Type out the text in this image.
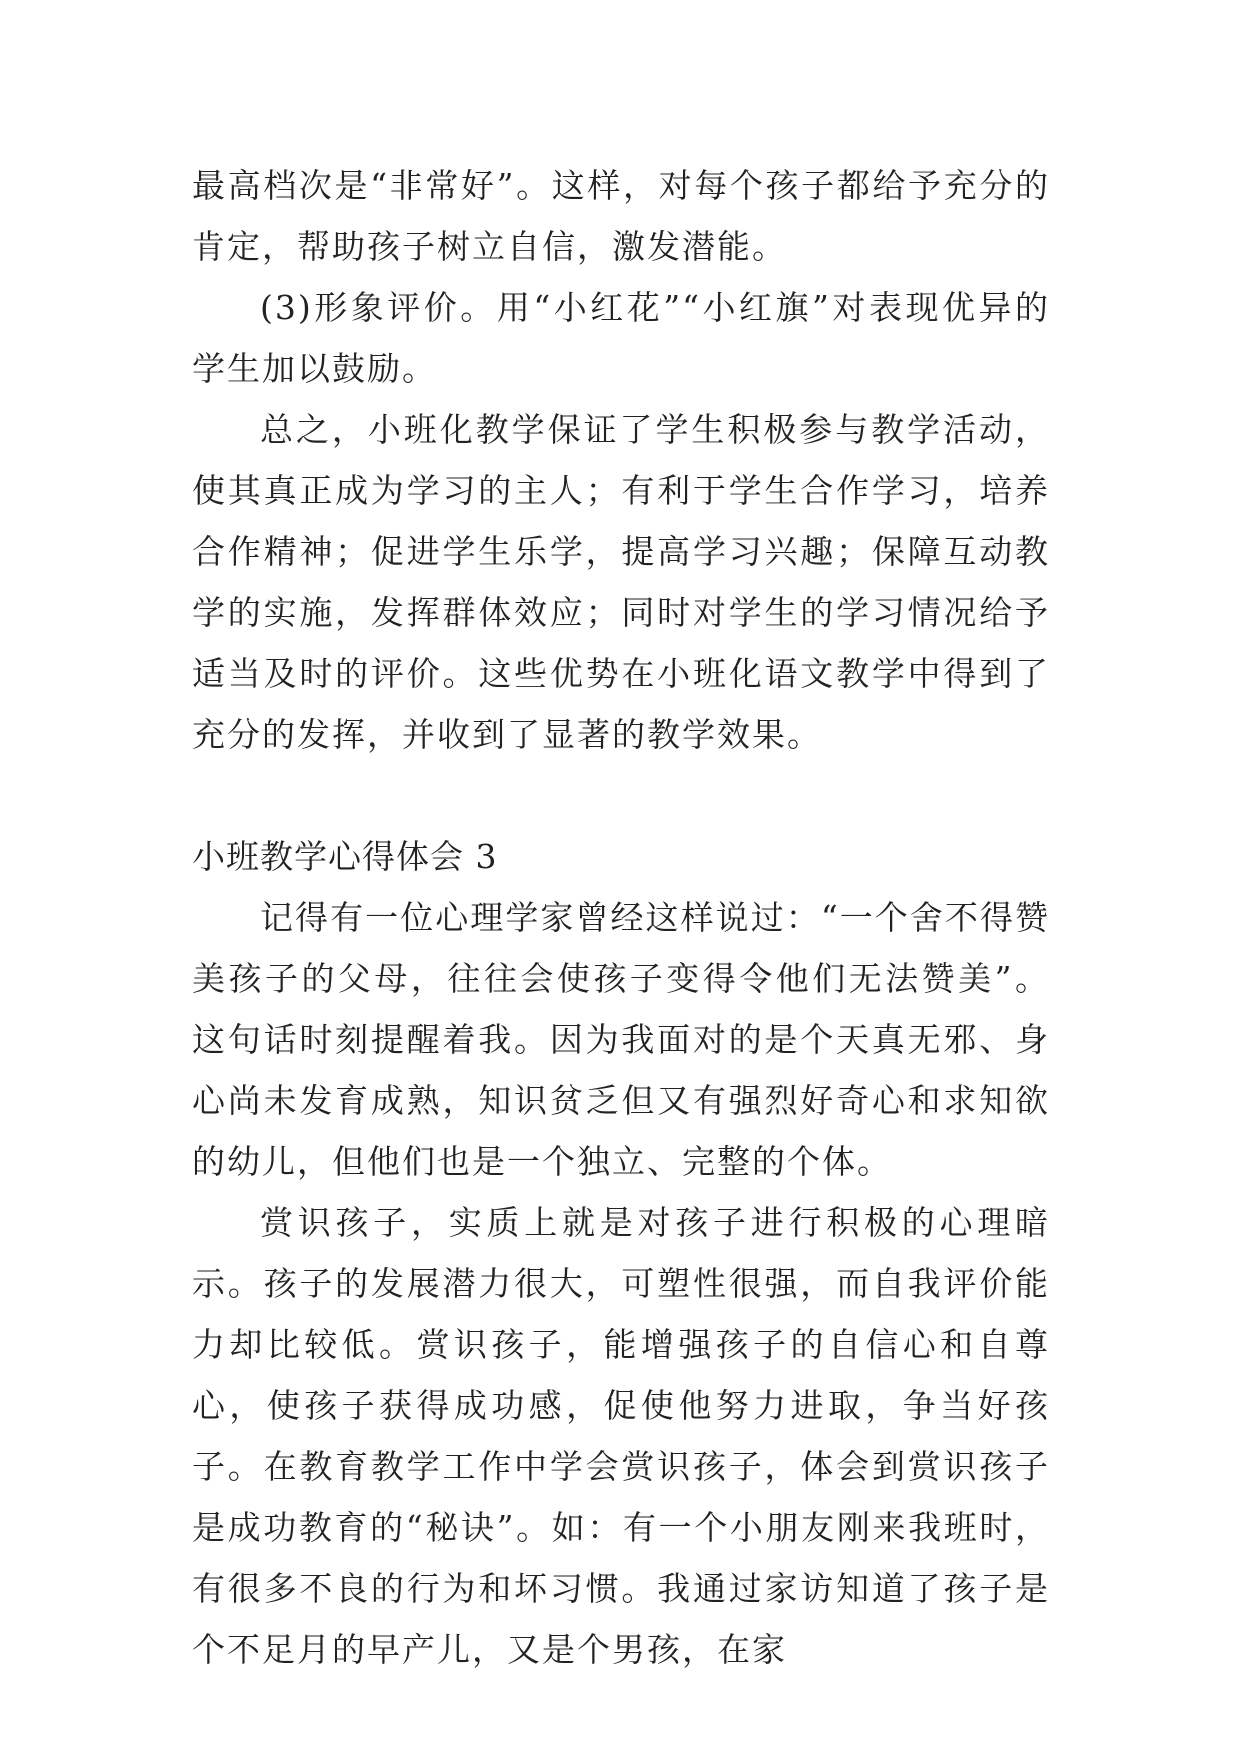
最高档次是“非常好”。这样，对每个孩子都给予充分的肯定，帮助孩子树立自信，激发潜能。

(3)形象评价。用“小红花”“小红旗”对表现优异的学生加以鼓励。

总之，小班化教学保证了学生积极参与教学活动，使其真正成为学习的主人；有利于学生合作学习，培养合作精神；促进学生乐学，提高学习兴趣；保障互动教学的实施，发挥群体效应；同时对学生的学习情况给予适当及时的评价。这些优势在小班化语文教学中得到了充分的发挥，并收到了显著的教学效果。

小班教学心得体会 3

记得有一位心理学家曾经这样说过：“一个舍不得赞美孩子的父母，往往会使孩子变得令他们无法赞美”。这句话时刻提醒着我。因为我面对的是个天真无邪、身心尚未发育成熟，知识贫乏但又有强烈好奇心和求知欲的幼儿，但他们也是一个独立、完整的个体。

赏识孩子，实质上就是对孩子进行积极的心理暗示。孩子的发展潜力很大，可塑性很强，而自我评价能力却比较低。赏识孩子，能增强孩子的自信心和自尊心，使孩子获得成功感，促使他努力进取，争当好孩子。在教育教学工作中学会赏识孩子，体会到赏识孩子是成功教育的“秘诀”。如：有一个小朋友刚来我班时，有很多不良的行为和坏习惯。我通过家访知道了孩子是个不足月的早产儿，又是个男孩，在家
